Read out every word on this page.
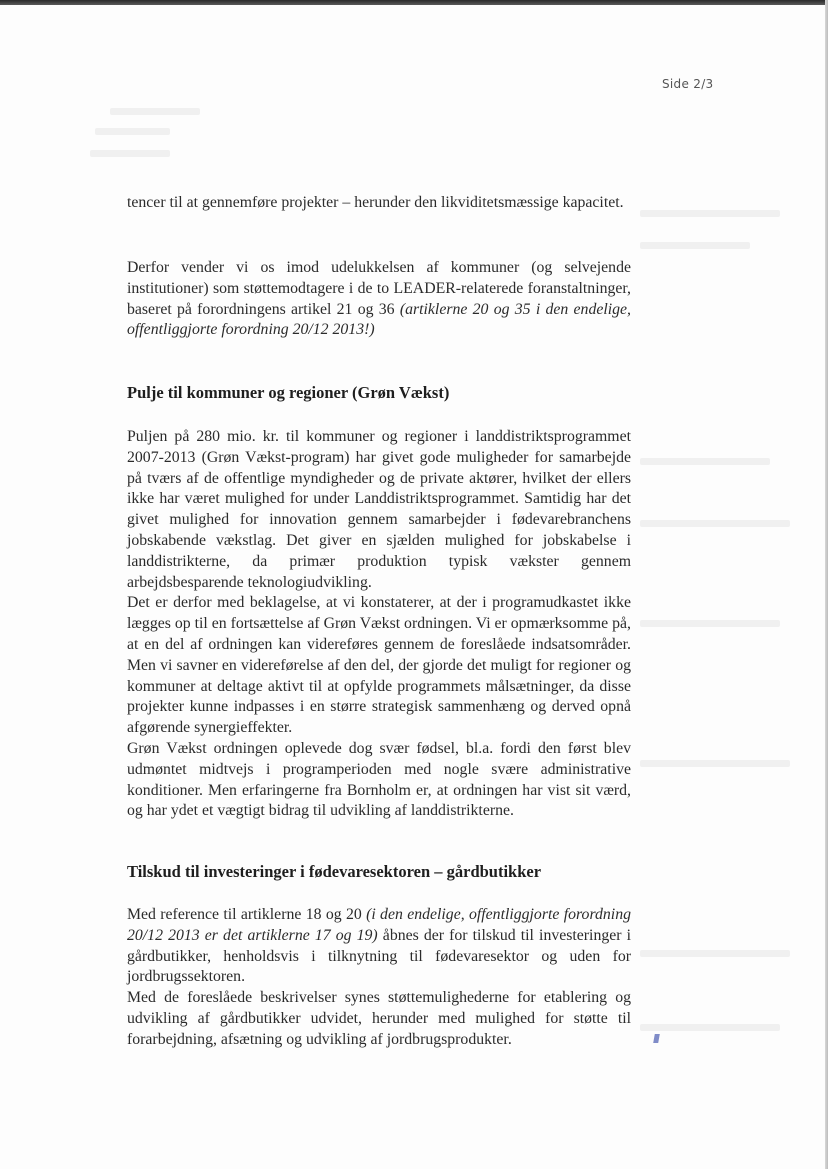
Side 2/3

tencer til at gennemføre projekter – herunder den likviditetsmæssige kapacitet.

Derfor vender vi os imod udelukkelsen af kommuner (og selvejende institutioner) som støttemodtagere i de to LEADER-relaterede foranstaltninger, baseret på forordningens artikel 21 og 36 (artiklerne 20 og 35 i den endelige, offentliggjorte forordning 20/12 2013!)

Pulje til kommuner og regioner (Grøn Vækst)

Puljen på 280 mio. kr. til kommuner og regioner i landdistriktsprogrammet 2007-2013 (Grøn Vækst-program) har givet gode muligheder for samarbejde på tværs af de offentlige myndigheder og de private aktører, hvilket der ellers ikke har været mulighed for under Landdistriktsprogrammet. Samtidig har det givet mulighed for innovation gennem samarbejder i fødevarebranchens jobskabende vækstlag. Det giver en sjælden mulighed for jobskabelse i landdistrikterne, da primær produktion typisk vækster gennem arbejdsbesparende teknologiudvikling.

Det er derfor med beklagelse, at vi konstaterer, at der i programudkastet ikke lægges op til en fortsættelse af Grøn Vækst ordningen. Vi er opmærksomme på, at en del af ordningen kan videreføres gennem de foreslåede indsatsområder. Men vi savner en videreførelse af den del, der gjorde det muligt for regioner og kommuner at deltage aktivt til at opfylde programmets målsætninger, da disse projekter kunne indpasses i en større strategisk sammenhæng og derved opnå afgørende synergieffekter.

Grøn Vækst ordningen oplevede dog svær fødsel, bl.a. fordi den først blev udmøntet midtvejs i programperioden med nogle svære administrative konditioner. Men erfaringerne fra Bornholm er, at ordningen har vist sit værd, og har ydet et vægtigt bidrag til udvikling af landdistrikterne.

Tilskud til investeringer i fødevaresektoren – gårdbutikker

Med reference til artiklerne 18 og 20 (i den endelige, offentliggjorte forordning 20/12 2013 er det artiklerne 17 og 19) åbnes der for tilskud til investeringer i gårdbutikker, henholdsvis i tilknytning til fødevaresektor og uden for jordbrugssektoren.

Med de foreslåede beskrivelser synes støttemulighederne for etablering og udvikling af gårdbutikker udvidet, herunder med mulighed for støtte til forarbejdning, afsætning og udvikling af jordbrugsprodukter.
